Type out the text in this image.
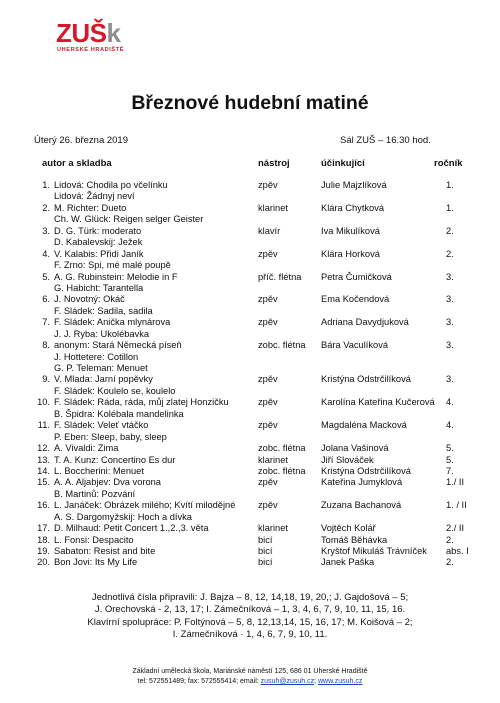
ZUŠk
UHERSKÉ HRADIŠTĚ
Březnové hudební matiné
Úterý 26. března 2019	Sál ZUŠ – 16.30 hod.
autor a skladba	nástroj	účinkující	ročník
1. Lidová: Chodila po včelínku	zpěv	Julie Majzlíková	1.
Lidová: Žádnyj neví
2. M. Richter: Dueto	klarinet	Klára Chytková	1.
Ch. W. Glück: Reigen selger Geister
3. D. G. Türk: moderato	klavír	Iva Mikulíková	2.
D. Kabalevskij: Ježek
4. V. Kalabis: Přidi Janík	zpěv	Klára Horková	2.
F. Zrno: Spi, mé malé poupě
5. A. G. Rubinstein: Melodie in F	příč. flétna Petra Čumičková	3.
G. Habicht: Tarantella
6. J. Novotný: Okáč	zpěv	Ema Kočendová	3.
F. Sládek: Sadila, sadila
7. F. Sládek: Anička mlynárova	zpěv	Adriana Davydjuková	3.
J. J. Ryba: Ukolébavka
8. anonym: Stará Německá píseň	zobc. flétna Bára Vaculíková	3.
J. Hottetere: Cotillon
G. P. Teleman: Menuet
9. V. Mlada: Jarní popěvky	zpěv	Kristýna Odstrčilíková	3.
F. Sládek: Koulelo se, koulelo
10. F. Sládek: Ráda, ráda, můj zlatej Honzičku	zpěv	Karolína Kateřina Kučerová 4.
B. Špidra: Kolébala mandelinka
11. F. Sládek: Veleť vtáčko	zpěv	Magdaléna Macková	4.
P. Eben: Sleep, baby, sleep
12. A. Vivaldi: Zima	zobc. flétna Jolana Vašinová	5.
13. T. A. Kunz: Concertino Es dur	klarinet	Jiří Slováček	5.
14. L. Boccherini: Menuet	zobc. flétna Kristýna Odstrčilíková	7.
15. A. A. Aljabjev: Dva vorona	zpěv	Kateřina Jumyklová	1./ II
B. Martinů: Pozvání
16. L. Janáček: Obrázek milého; Kvítí milodějné zpěv	Zuzana Bachanová	1. / II
A. S. Dargomyžskij: Hoch a dívka
17. D. Milhaud: Petit Concert 1.,2.,3. věta	klarinet	Vojtěch Kolář	2./ II
18. L. Fonsi: Despacito	bicí	Tomáš Běhávka	2.
19. Sabaton: Resist and bite	bicí	Kryštof Mikuláš Trávníček abs. I
20. Bon Jovi: Its My Life	bicí	Janek Paška	2.
Jednotlivá čísla připravili: J. Bajza – 8, 12, 14,18, 19, 20,; J. Gajdošová – 5;
J. Orechovská - 2, 13, 17; I. Zámečníková – 1, 3, 4, 6, 7, 9, 10, 11, 15, 16.
Klavírní spolupráce: P. Foltýnová – 5, 8, 12,13,14, 15, 16, 17; M. Koišová – 2;
I. Zámečníková · 1, 4, 6, 7, 9, 10, 11.
Základní umělecká škola, Mariánské náměstí 125, 686 01 Uherské Hradiště
tel: 572551489; fax: 572555414; email: zusuh@zusuh.cz; www.zusuh.cz
